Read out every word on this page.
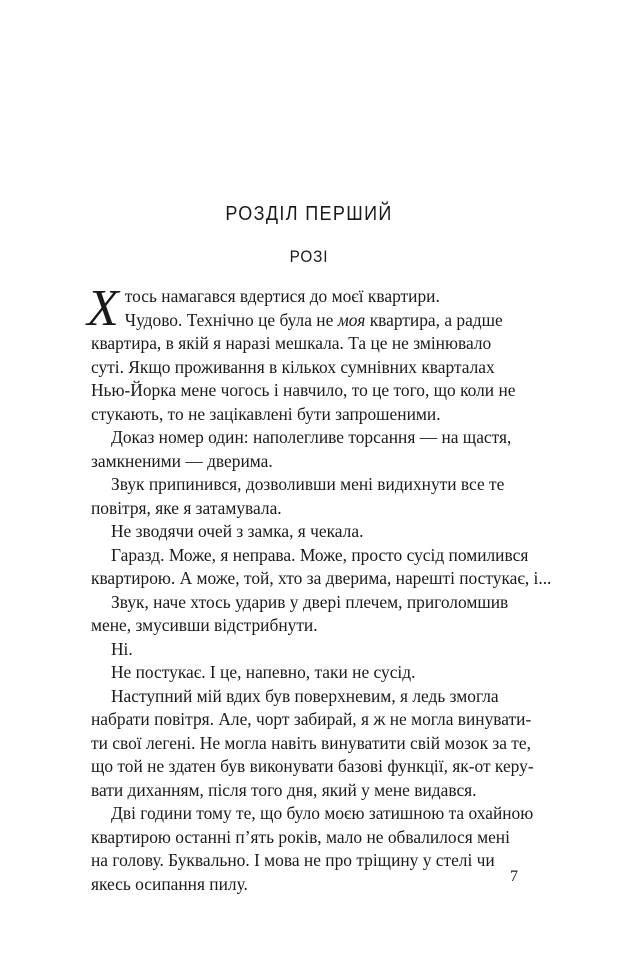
РОЗДІЛ ПЕРШИЙ
РОЗІ

Х тось намагався вдертися до моєї квартири.
Чудово. Технічно це була не моя квартира, а радше
квартира, в якій я наразі мешкала. Та це не змінювало
суті. Якщо проживання в кількох сумнівних кварталах
Нью-Йорка мене чогось і навчило, то це того, що коли не
стукають, то не зацікавлені бути запрошеними.

Доказ номер один: наполегливе торсання — на щастя,
замкненими — дверима.

Звук припинився, дозволивши мені видихнути все те
повітря, яке я затамувала.

Не зводячи очей з замка, я чекала.

Гаразд. Може, я неправа. Може, просто сусід помилився
квартирою. А може, той, хто за дверима, нарешті постукає, і...

Звук, наче хтось ударив у двері плечем, приголомшив
мене, змусивши відстрибнути.

Ні.

Не постукає. І це, напевно, таки не сусід.

Наступний мій вдих був поверхневим, я ледь змогла
набрати повітря. Але, чорт забирай, я ж не могла винувати-
ти свої легені. Не могла навіть винуватити свій мозок за те,
що той не здатен був виконувати базові функції, як-от керу-
вати диханням, після того дня, який у мене видався.

Дві години тому те, що було моєю затишною та охайною
квартирою останні п’ять років, мало не обвалилося мені
на голову. Буквально. І мова не про тріщину у стелі чи
якесь осипання пилу.	7
